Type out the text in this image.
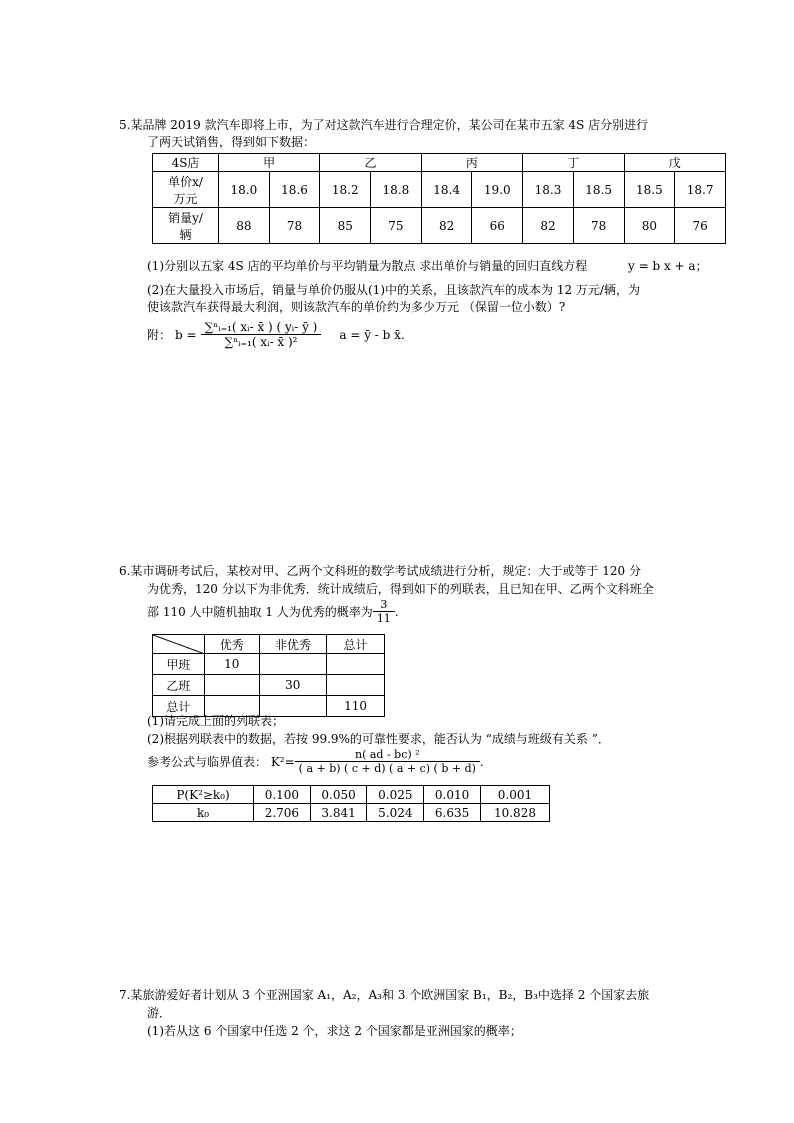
5.某品牌 2019 款汽车即将上市，为了对这款汽车进行合理定价，某公司在某市五家 4S 店分别进行
了两天试销售，得到如下数据：
4S店	甲		乙		丙		丁		戊	
单价x/
万元	18.0	18.6	18.2	18.8	18.4	19.0	18.3	18.5	18.5	18.7
销量y/
辆	88	78	85	75	82	66	82	78	80	76
(1)分别以五家 4S 店的平均单价与平均销量为散点 求出单价与销量的回归直线方程	y = b x + a；
(2)在大量投入市场后，销量与单价仍服从(1)中的关系，且该款汽车的成本为 12 万元/辆，为
使该款汽车获得最大利润，则该款汽车的单价约为多少万元 （保留一位小数）?
附： $b = \frac{\text{∑ⁿᵢ₌₁( xᵢ- x̄ ) ( yᵢ- ȳ )}}{\text{∑ⁿᵢ₌₁( xᵢ- x̄ )²}}$ a = ȳ - b x̄.
6.某市调研考试后，某校对甲、乙两个文科班的数学考试成绩进行分析，规定：大于或等于 120 分
为优秀，120 分以下为非优秀．统计成绩后，得到如下的列联表，且已知在甲、乙两个文科班全
部 110 人中随机抽取 1 人为优秀的概率为 $\frac{3}{11}$ .
	优秀	非优秀	总计
甲班	10		
乙班		30	
总计			110
(1)请完成上面的列联表；
(2)根据列联表中的数据，若按 99.9%的可靠性要求，能否认为 “成绩与班级有关系 ”．
参考公式与临界值表： $K^2= \frac{\text{n( ad - bc) ²}}{( a + b) ( c + d) ( a + c) ( b + d)}$ .
P(K²≥k₀)	0.100	0.050	0.025	0.010	0.001
k₀	2.706	3.841	5.024	6.635	10.828
7.某旅游爱好者计划从 3 个亚洲国家 A₁，A₂，A₃和 3 个欧洲国家 B₁，B₂，B₃中选择 2 个国家去旅
游．
(1)若从这 6 个国家中任选 2 个，求这 2 个国家都是亚洲国家的概率；
